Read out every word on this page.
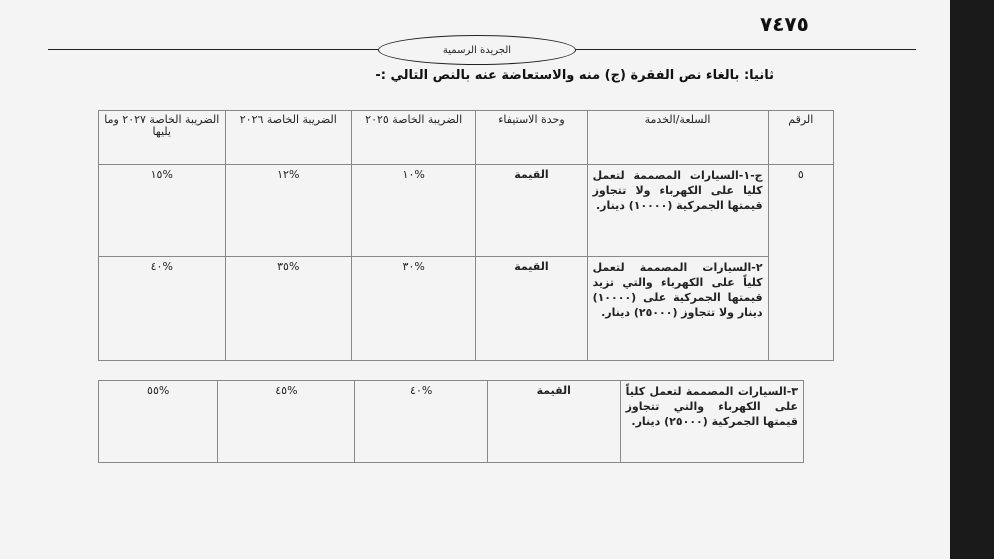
٧٤٧٥
الجريدة الرسمية
ثانيا: بالغاء نص الفقرة (ج) منه والاستعاضة عنه بالنص التالي :-
الرقم	السلعة/الخدمة	وحدة الاستيفاء	الضريبة الخاصة ٢٠٢٥	الضريبة الخاصة ٢٠٢٦	الضريبة الخاصة ٢٠٢٧ وما يليها
٥	ج-١-السيارات المصممة لتعمل كليا على الكهرباء ولا تتجاوز قيمتها الجمركية (١٠٠٠٠) دينار.	القيمة	%١٠	%١٢	%١٥
	٢-السيارات المصممة لتعمل كلياً على الكهرباء والتي تزيد قيمتها الجمركية على (١٠٠٠٠) دينار ولا تتجاوز (٢٥٠٠٠) دينار.	القيمة	%٣٠	%٣٥	%٤٠
٣-السيارات المصممة لتعمل كلياً على الكهرباء والتي تتجاوز قيمتها الجمركية (٢٥٠٠٠) دينار.	القيمة	%٤٠	%٤٥	%٥٥
